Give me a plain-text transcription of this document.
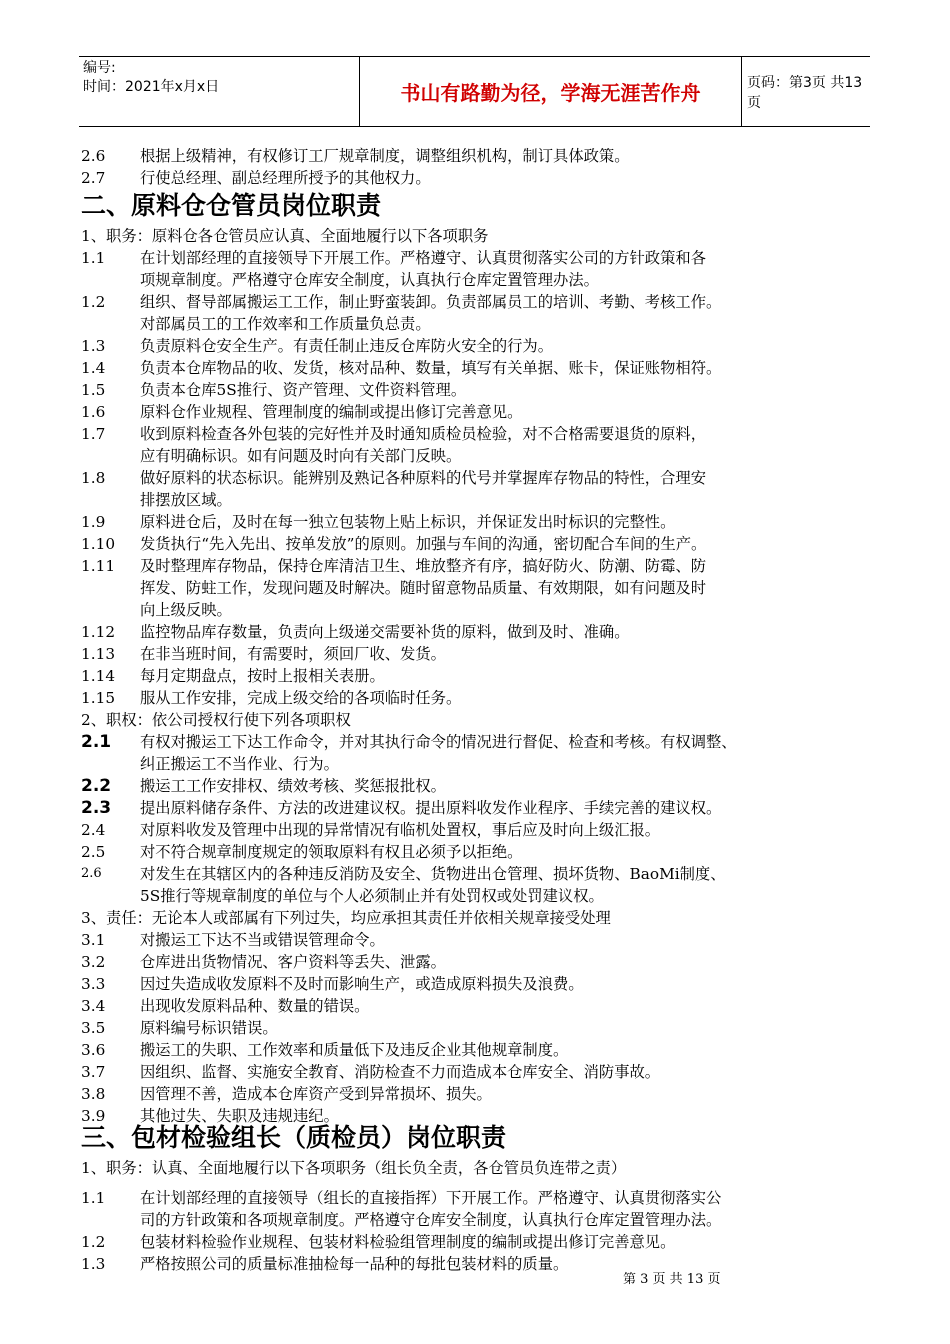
编号:
时间：2021年x月x日	书山有路勤为径，学海无涯苦作舟	页码：第3页 共13页
2.6 根据上级精神，有权修订工厂规章制度，调整组织机构，制订具体政策。
2.7 行使总经理、副总经理所授予的其他权力。
二、原料仓仓管员岗位职责
1、职务：原料仓各仓管员应认真、全面地履行以下各项职务
1.1 在计划部经理的直接领导下开展工作。严格遵守、认真贯彻落实公司的方针政策和各
项规章制度。严格遵守仓库安全制度，认真执行仓库定置管理办法。
1.2 组织、督导部属搬运工工作，制止野蛮装卸。负责部属员工的培训、考勤、考核工作。
对部属员工的工作效率和工作质量负总责。
1.3 负责原料仓安全生产。有责任制止违反仓库防火安全的行为。
1.4 负责本仓库物品的收、发货，核对品种、数量，填写有关单据、账卡，保证账物相符。
1.5 负责本仓库5S推行、资产管理、文件资料管理。
1.6 原料仓作业规程、管理制度的编制或提出修订完善意见。
1.7 收到原料检查各外包装的完好性并及时通知质检员检验，对不合格需要退货的原料，
应有明确标识。如有问题及时向有关部门反映。
1.8 做好原料的状态标识。能辨别及熟记各种原料的代号并掌握库存物品的特性，合理安
排摆放区域。
1.9 原料进仓后，及时在每一独立包装物上贴上标识，并保证发出时标识的完整性。
1.10 发货执行“先入先出、按单发放”的原则。加强与车间的沟通，密切配合车间的生产。
1.11 及时整理库存物品，保持仓库清洁卫生、堆放整齐有序，搞好防火、防潮、防霉、防
挥发、防蛀工作，发现问题及时解决。随时留意物品质量、有效期限，如有问题及时
向上级反映。
1.12 监控物品库存数量，负责向上级递交需要补货的原料，做到及时、准确。
1.13 在非当班时间，有需要时，须回厂收、发货。
1.14 每月定期盘点，按时上报相关表册。
1.15 服从工作安排，完成上级交给的各项临时任务。
2、职权：依公司授权行使下列各项职权
2.1 有权对搬运工下达工作命令，并对其执行命令的情况进行督促、检查和考核。有权调整、
纠正搬运工不当作业、行为。
2.2 搬运工工作安排权、绩效考核、奖惩报批权。
2.3 提出原料储存条件、方法的改进建议权。提出原料收发作业程序、手续完善的建议权。
2.4 对原料收发及管理中出现的异常情况有临机处置权，事后应及时向上级汇报。
2.5 对不符合规章制度规定的领取原料有权且必须予以拒绝。
2.6	对发生在其辖区内的各种违反消防及安全、货物进出仓管理、损坏货物、BaoMi制度、
5S推行等规章制度的单位与个人必须制止并有处罚权或处罚建议权。
3、责任：无论本人或部属有下列过失，均应承担其责任并依相关规章接受处理
3.1 对搬运工下达不当或错误管理命令。
3.2 仓库进出货物情况、客户资料等丢失、泄露。
3.3 因过失造成收发原料不及时而影响生产，或造成原料损失及浪费。
3.4 出现收发原料品种、数量的错误。
3.5 原料编号标识错误。
3.6 搬运工的失职、工作效率和质量低下及违反企业其他规章制度。
3.7 因组织、监督、实施安全教育、消防检查不力而造成本仓库安全、消防事故。
3.8 因管理不善，造成本仓库资产受到异常损坏、损失。
3.9 其他过失、失职及违规违纪。
三、包材检验组长（质检员）岗位职责
1、职务：认真、全面地履行以下各项职务（组长负全责，各仓管员负连带之责）
1.1 在计划部经理的直接领导（组长的直接指挥）下开展工作。严格遵守、认真贯彻落实公
司的方针政策和各项规章制度。严格遵守仓库安全制度，认真执行仓库定置管理办法。
1.2 包装材料检验作业规程、包装材料检验组管理制度的编制或提出修订完善意见。
1.3 严格按照公司的质量标准抽检每一品种的每批包装材料的质量。
第 3 页 共 13 页
